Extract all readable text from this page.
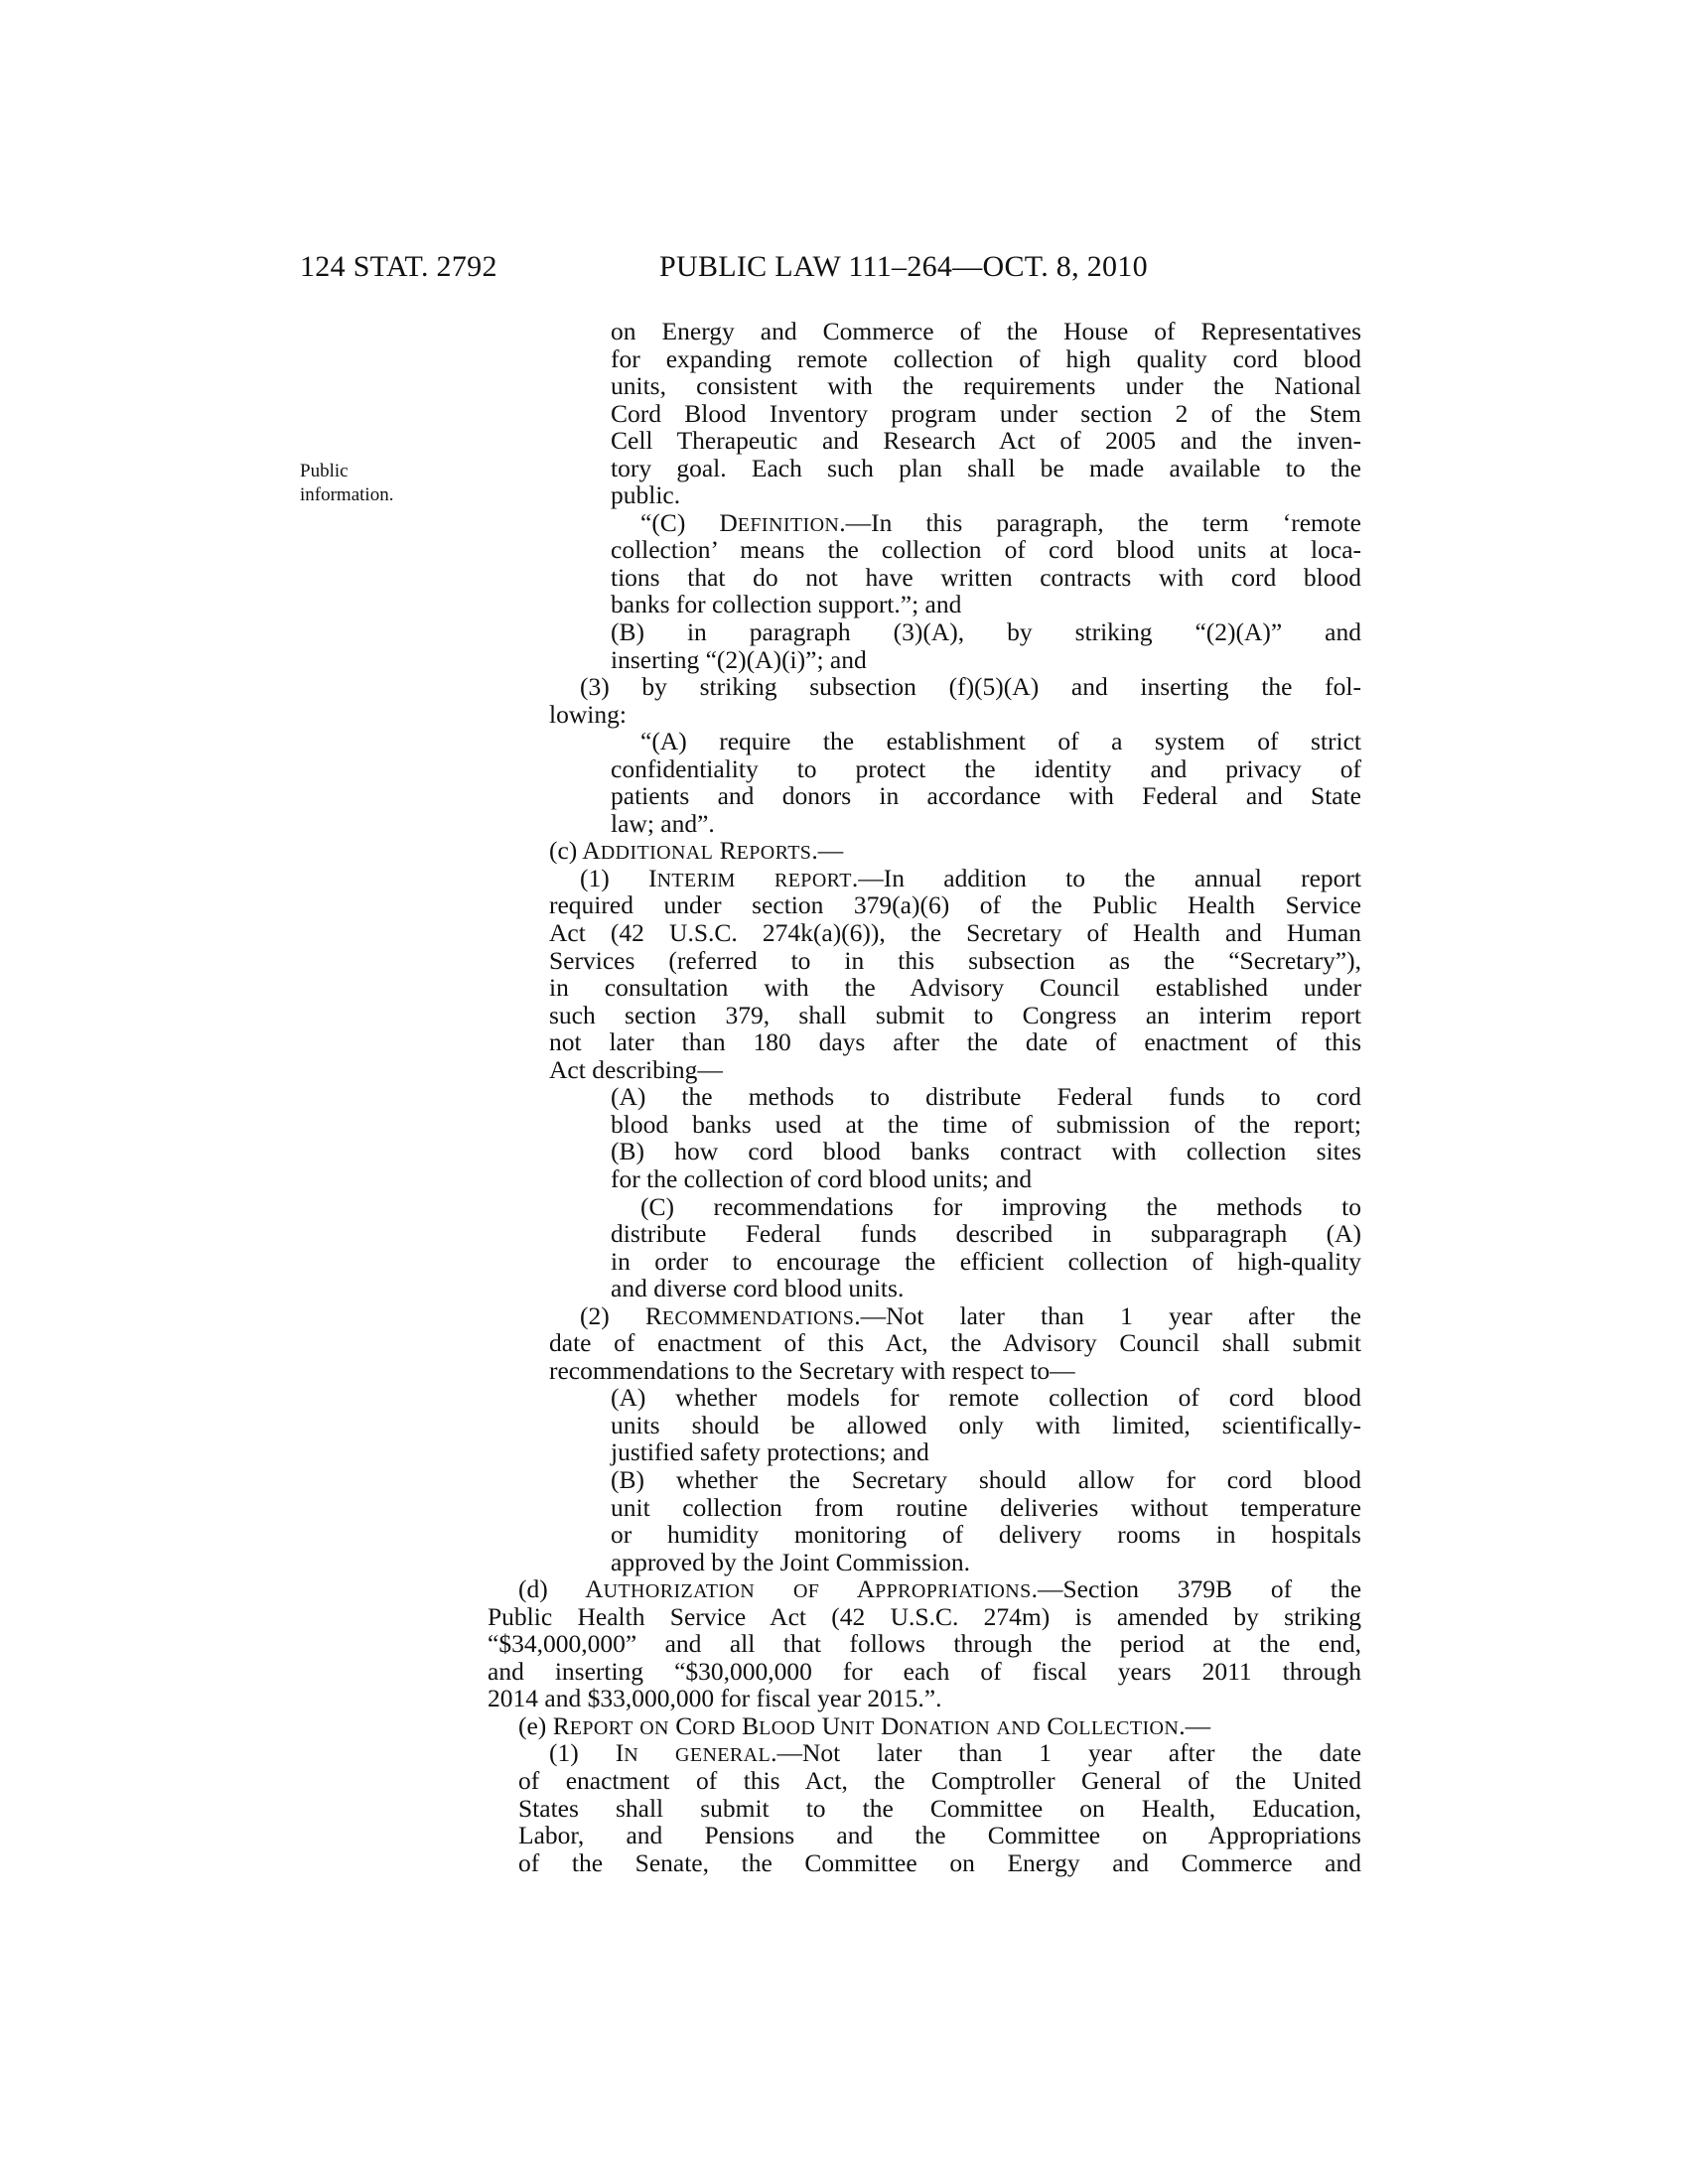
124 STAT. 2792	PUBLIC LAW 111–264—OCT. 8, 2010
Public
information.
on Energy and Commerce of the House of Representatives
for expanding remote collection of high quality cord blood
units, consistent with the requirements under the National
Cord Blood Inventory program under section 2 of the Stem
Cell Therapeutic and Research Act of 2005 and the inven-
tory goal. Each such plan shall be made available to the
public.
“(C) DEFINITION.—In this paragraph, the term ‘remote
collection’ means the collection of cord blood units at loca-
tions that do not have written contracts with cord blood
banks for collection support.”; and
(B) in paragraph (3)(A), by striking “(2)(A)” and
inserting “(2)(A)(i)”; and
(3) by striking subsection (f)(5)(A) and inserting the fol-
lowing:
“(A) require the establishment of a system of strict
confidentiality to protect the identity and privacy of
patients and donors in accordance with Federal and State
law; and”.
(c) ADDITIONAL REPORTS.—
(1) INTERIM REPORT.—In addition to the annual report
required under section 379(a)(6) of the Public Health Service
Act (42 U.S.C. 274k(a)(6)), the Secretary of Health and Human
Services (referred to in this subsection as the “Secretary”),
in consultation with the Advisory Council established under
such section 379, shall submit to Congress an interim report
not later than 180 days after the date of enactment of this
Act describing—
(A) the methods to distribute Federal funds to cord
blood banks used at the time of submission of the report;
(B) how cord blood banks contract with collection sites
for the collection of cord blood units; and
(C) recommendations for improving the methods to
distribute Federal funds described in subparagraph (A)
in order to encourage the efficient collection of high-quality
and diverse cord blood units.
(2) RECOMMENDATIONS.—Not later than 1 year after the
date of enactment of this Act, the Advisory Council shall submit
recommendations to the Secretary with respect to—
(A) whether models for remote collection of cord blood
units should be allowed only with limited, scientifically-
justified safety protections; and
(B) whether the Secretary should allow for cord blood
unit collection from routine deliveries without temperature
or humidity monitoring of delivery rooms in hospitals
approved by the Joint Commission.
(d) AUTHORIZATION OF APPROPRIATIONS.—Section 379B of the
Public Health Service Act (42 U.S.C. 274m) is amended by striking
“$34,000,000” and all that follows through the period at the end,
and inserting “$30,000,000 for each of fiscal years 2011 through
2014 and $33,000,000 for fiscal year 2015.”.
(e) REPORT ON CORD BLOOD UNIT DONATION AND COLLECTION.—
(1) IN GENERAL.—Not later than 1 year after the date
of enactment of this Act, the Comptroller General of the United
States shall submit to the Committee on Health, Education,
Labor, and Pensions and the Committee on Appropriations
of the Senate, the Committee on Energy and Commerce and
